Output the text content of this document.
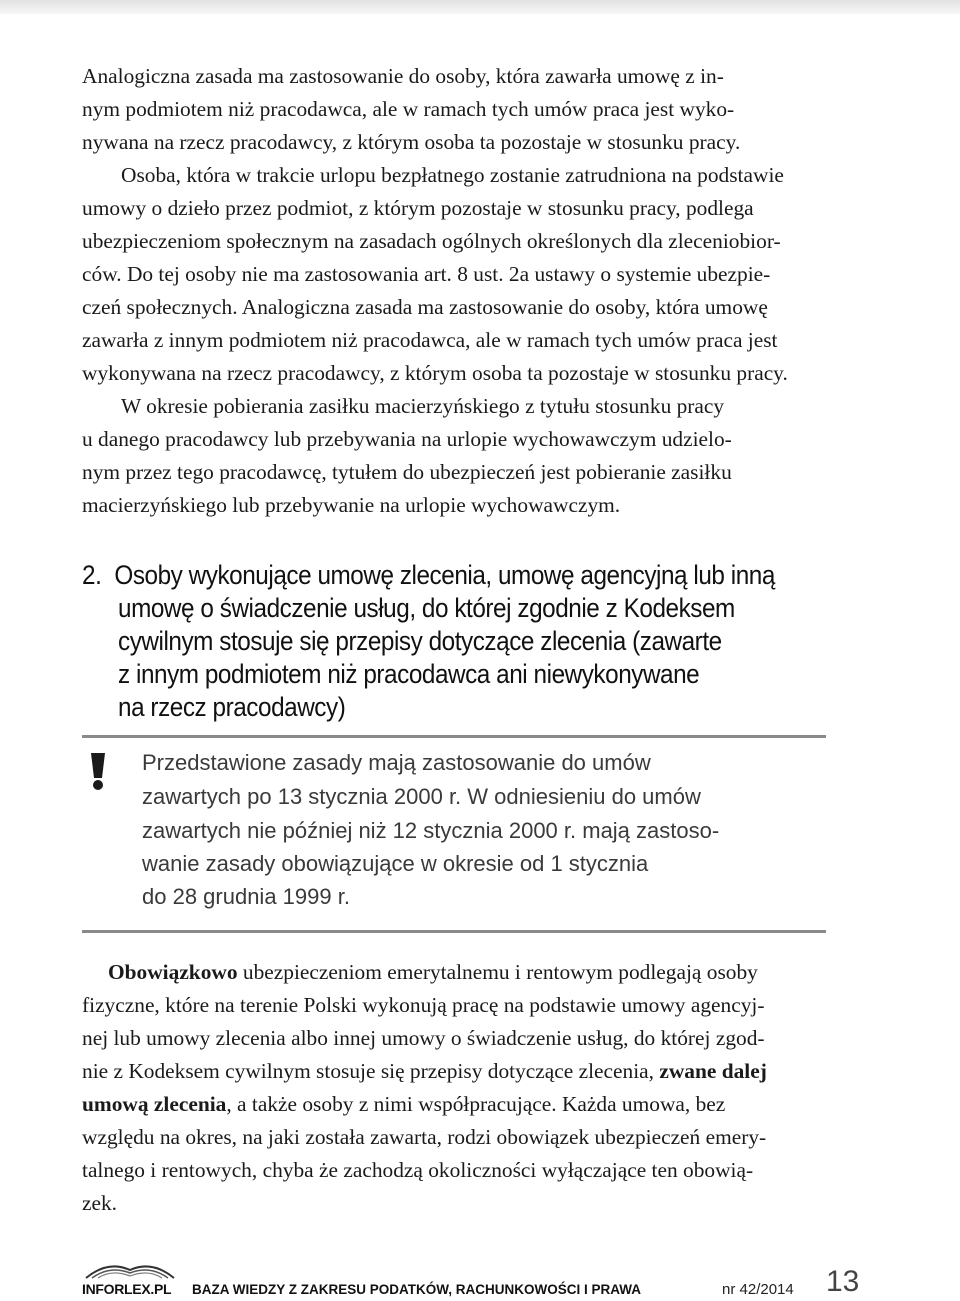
Analogiczna zasada ma zastosowanie do osoby, która zawarła umowę z in-
nym podmiotem niż pracodawca, ale w ramach tych umów praca jest wyko-
nywana na rzecz pracodawcy, z którym osoba ta pozostaje w stosunku pracy.
Osoba, która w trakcie urlopu bezpłatnego zostanie zatrudniona na podstawie
umowy o dzieło przez podmiot, z którym pozostaje w stosunku pracy, podlega
ubezpieczeniom społecznym na zasadach ogólnych określonych dla zleceniobior-
ców. Do tej osoby nie ma zastosowania art. 8 ust. 2a ustawy o systemie ubezpie-
czeń społecznych. Analogiczna zasada ma zastosowanie do osoby, która umowę
zawarła z innym podmiotem niż pracodawca, ale w ramach tych umów praca jest
wykonywana na rzecz pracodawcy, z którym osoba ta pozostaje w stosunku pracy.
W okresie pobierania zasiłku macierzyńskiego z tytułu stosunku pracy
u danego pracodawcy lub przebywania na urlopie wychowawczym udzielo-
nym przez tego pracodawcę, tytułem do ubezpieczeń jest pobieranie zasiłku
macierzyńskiego lub przebywanie na urlopie wychowawczym.
2. Osoby wykonujące umowę zlecenia, umowę agencyjną lub inną
umowę o świadczenie usług, do której zgodnie z Kodeksem
cywilnym stosuje się przepisy dotyczące zlecenia (zawarte
z innym podmiotem niż pracodawca ani niewykonywane
na rzecz pracodawcy)
Przedstawione zasady mają zastosowanie do umów
zawartych po 13 stycznia 2000 r. W odniesieniu do umów
zawartych nie później niż 12 stycznia 2000 r. mają zastoso-
wanie zasady obowiązujące w okresie od 1 stycznia
do 28 grudnia 1999 r.
Obowiązkowo ubezpieczeniom emerytalnemu i rentowym podlegają osoby
fizyczne, które na terenie Polski wykonują pracę na podstawie umowy agencyj-
nej lub umowy zlecenia albo innej umowy o świadczenie usług, do której zgod-
nie z Kodeksem cywilnym stosuje się przepisy dotyczące zlecenia, zwane dalej
umową zlecenia, a także osoby z nimi współpracujące. Każda umowa, bez
względu na okres, na jaki została zawarta, rodzi obowiązek ubezpieczeń emery-
talnego i rentowych, chyba że zachodzą okoliczności wyłączające ten obowią-
zek.
INFORLEX.PL BAZA WIEDZY Z ZAKRESU PODATKÓW, RACHUNKOWOŚCI I PRAWA	nr 42/2014 13
